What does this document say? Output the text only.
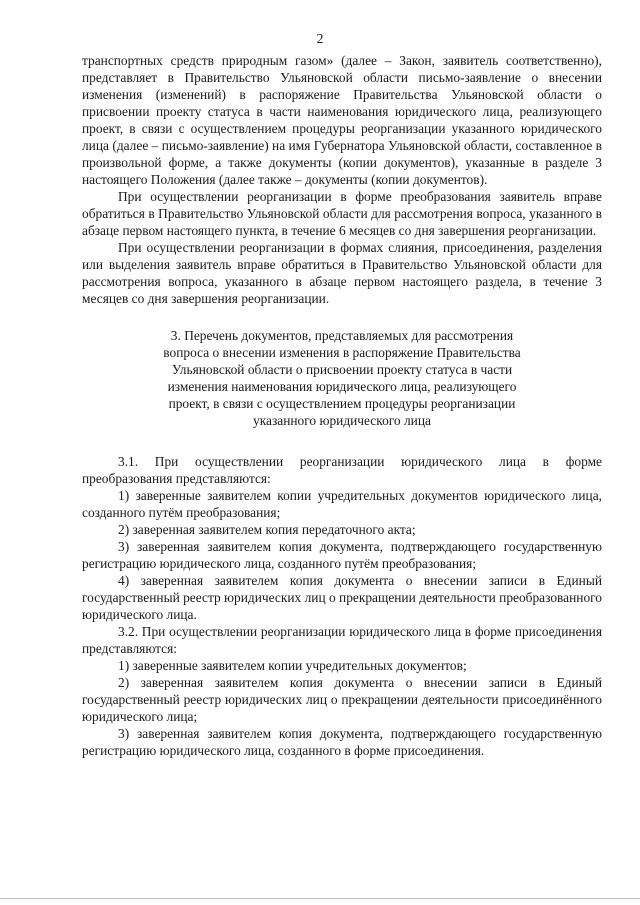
2

транспортных средств природным газом» (далее – Закон, заявитель соответственно), представляет в Правительство Ульяновской области письмо-заявление о внесении изменения (изменений) в распоряжение Правительства Ульяновской области о присвоении проекту статуса в части наименования юридического лица, реализующего проект, в связи с осуществлением процедуры реорганизации указанного юридического лица (далее – письмо-заявление) на имя Губернатора Ульяновской области, составленное в произвольной форме, а также документы (копии документов), указанные в разделе 3 настоящего Положения (далее также – документы (копии документов).

При осуществлении реорганизации в форме преобразования заявитель вправе обратиться в Правительство Ульяновской области для рассмотрения вопроса, указанного в абзаце первом настоящего пункта, в течение 6 месяцев со дня завершения реорганизации.

При осуществлении реорганизации в формах слияния, присоединения, разделения или выделения заявитель вправе обратиться в Правительство Ульяновской области для рассмотрения вопроса, указанного в абзаце первом настоящего раздела, в течение 3 месяцев со дня завершения реорганизации.

3. Перечень документов, представляемых для рассмотрения
вопроса о внесении изменения в распоряжение Правительства
Ульяновской области о присвоении проекту статуса в части
изменения наименования юридического лица, реализующего
проект, в связи с осуществлением процедуры реорганизации
указанного юридического лица

3.1. При осуществлении реорганизации юридического лица в форме преобразования представляются:

1) заверенные заявителем копии учредительных документов юридического лица, созданного путём преобразования;

2) заверенная заявителем копия передаточного акта;

3) заверенная заявителем копия документа, подтверждающего государственную регистрацию юридического лица, созданного путём преобразования;

4) заверенная заявителем копия документа о внесении записи в Единый государственный реестр юридических лиц о прекращении деятельности преобразованного юридического лица.

3.2. При осуществлении реорганизации юридического лица в форме присоединения представляются:

1) заверенные заявителем копии учредительных документов;

2) заверенная заявителем копия документа о внесении записи в Единый государственный реестр юридических лиц о прекращении деятельности присоединённого юридического лица;

3) заверенная заявителем копия документа, подтверждающего государственную регистрацию юридического лица, созданного в форме присоединения.
